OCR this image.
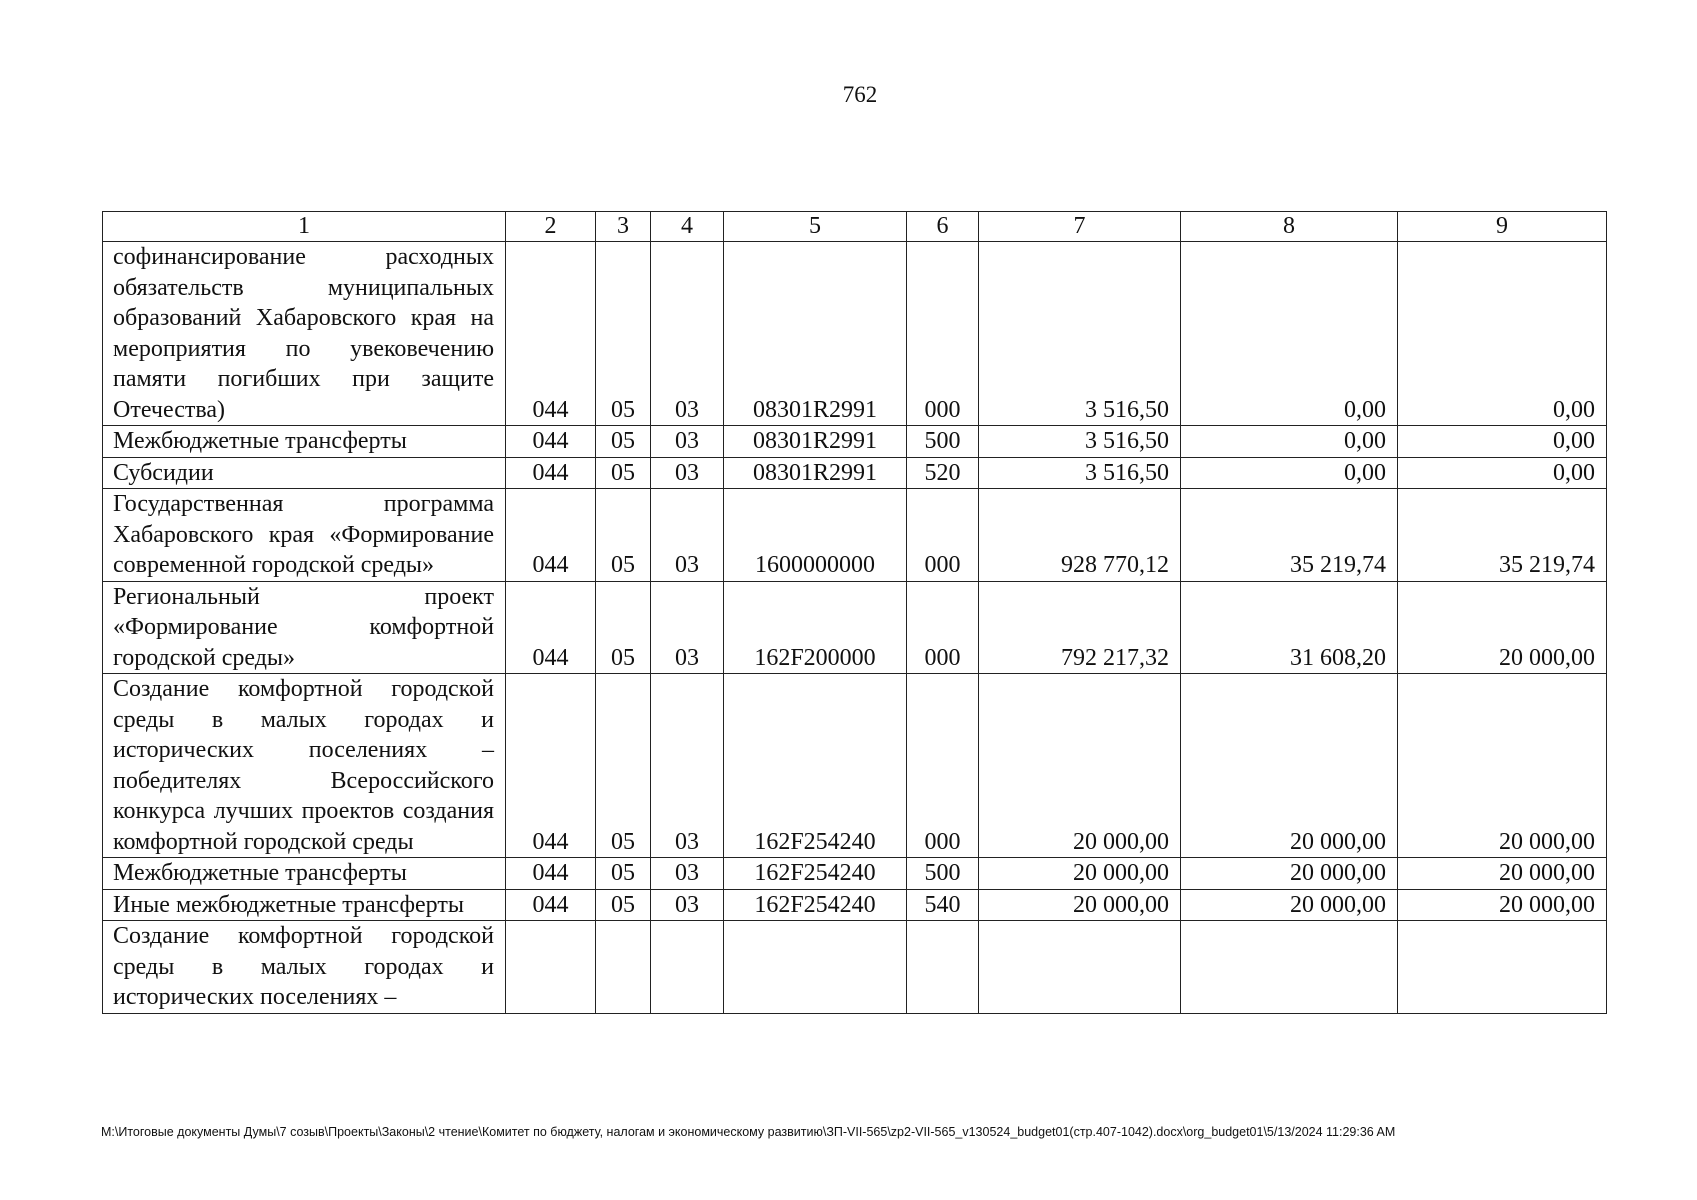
762
1	2	3	4	5	6	7	8	9
софинансирование расходных обязательств муниципальных образований Хабаровского края на мероприятия по увековечению памяти погибших при защите Отечества)	044	05	03	08301R2991	000	3 516,50	0,00	0,00
Межбюджетные трансферты	044	05	03	08301R2991	500	3 516,50	0,00	0,00
Субсидии	044	05	03	08301R2991	520	3 516,50	0,00	0,00
Государственная программа Хабаровского края «Формирование современной городской среды»	044	05	03	1600000000	000	928 770,12	35 219,74	35 219,74
Региональный проект «Формирование комфортной городской среды»	044	05	03	162F200000	000	792 217,32	31 608,20	20 000,00
Создание комфортной городской среды в малых городах и исторических поселениях – победителях Всероссийского конкурса лучших проектов создания комфортной городской среды	044	05	03	162F254240	000	20 000,00	20 000,00	20 000,00
Межбюджетные трансферты	044	05	03	162F254240	500	20 000,00	20 000,00	20 000,00
Иные межбюджетные трансферты	044	05	03	162F254240	540	20 000,00	20 000,00	20 000,00
Создание комфортной городской среды в малых городах и исторических поселениях –								
M:\Итоговые документы Думы\7 созыв\Проекты\Законы\2 чтение\Комитет по бюджету, налогам и экономическому развитию\ЗП-VII-565\zp2-VII-565_v130524_budget01(стр.407-1042).docx\org_budget01\5/13/2024 11:29:36 AM
